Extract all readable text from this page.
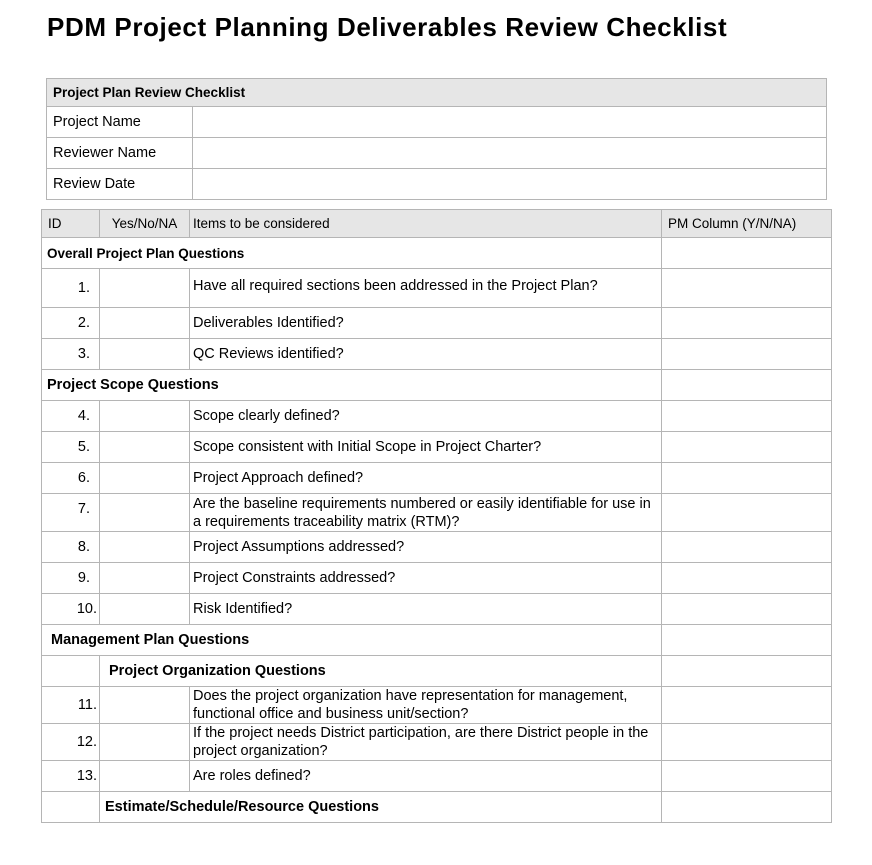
PDM Project Planning Deliverables Review Checklist
Project Plan Review Checklist	
Project Name	
Reviewer Name	
Review Date	
ID	Yes/No/NA	Items to be considered	PM Column (Y/N/NA)
Overall Project Plan Questions			
1.		Have all required sections been addressed in the Project Plan?	
2.		Deliverables Identified?	
3.		QC Reviews identified?	
Project Scope Questions			
4.		Scope clearly defined?	
5.		Scope consistent with Initial Scope in Project Charter?	
6.		Project Approach defined?	
7.		Are the baseline requirements numbered or easily identifiable for use in a requirements traceability matrix (RTM)?	
8.		Project Assumptions addressed?	
9.		Project Constraints addressed?	
10.		Risk Identified?	
Management Plan Questions			
	Project Organization Questions		
11.		Does the project organization have representation for management, functional office and business unit/section?	
12.		If the project needs District participation, are there District people in the project organization?	
13.		Are roles defined?	
	Estimate/Schedule/Resource Questions		
